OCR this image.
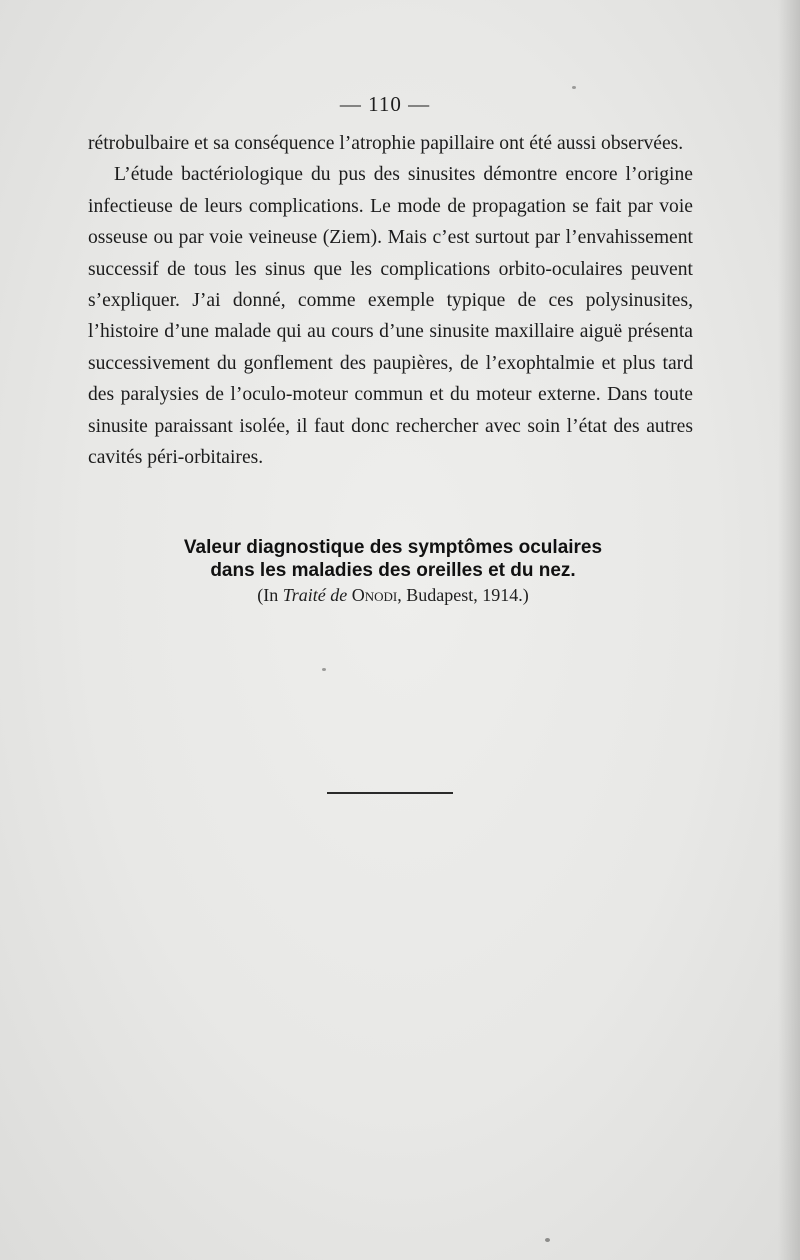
— 110 —

rétrobulbaire et sa conséquence l’atrophie papillaire ont été aussi observées.

L’étude bactériologique du pus des sinusites démontre encore l’origine infectieuse de leurs complications. Le mode de propagation se fait par voie osseuse ou par voie veineuse (Ziem). Mais c’est surtout par l’envahissement successif de tous les sinus que les complications orbito-oculaires peuvent s’expliquer. J’ai donné, comme exemple typique de ces polysinusites, l’histoire d’une malade qui au cours d’une sinusite maxillaire aiguë présenta successivement du gonflement des paupières, de l’exophtalmie et plus tard des paralysies de l’oculo-moteur commun et du moteur externe. Dans toute sinusite paraissant isolée, il faut donc rechercher avec soin l’état des autres cavités péri-orbitaires.

Valeur diagnostique des symptômes oculaires
dans les maladies des oreilles et du nez.
(In Traité de Onodi, Budapest, 1914.)
